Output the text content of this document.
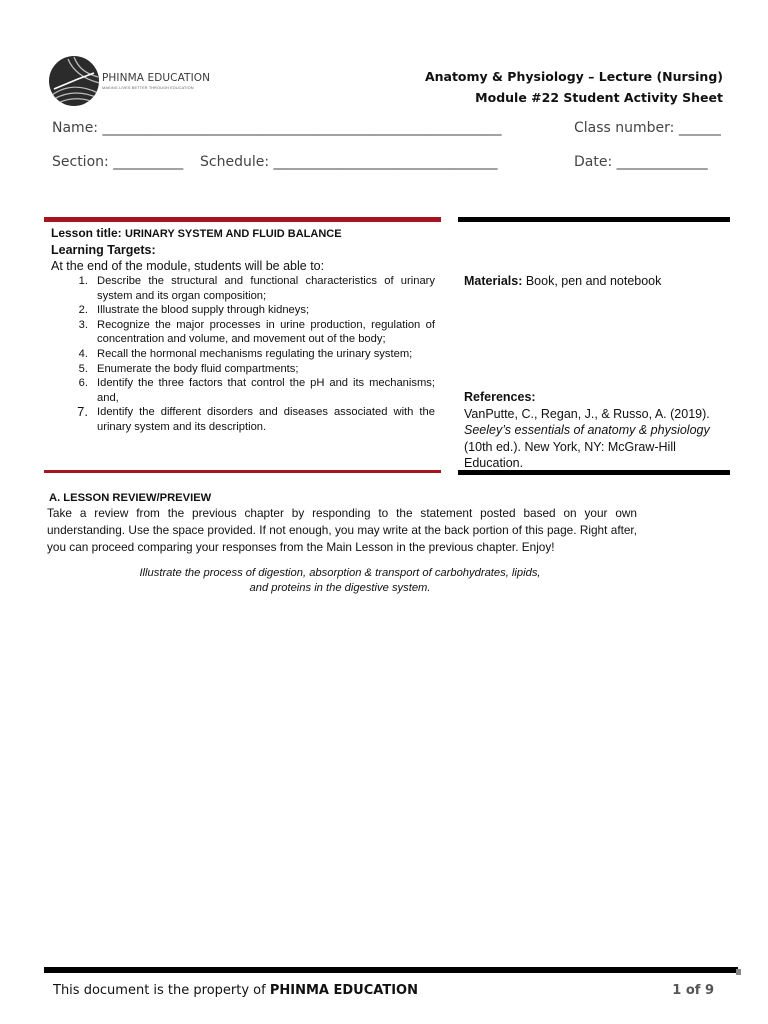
PHINMA EDUCATION
MAKING LIVES BETTER THROUGH EDUCATION
Anatomy & Physiology – Lecture (Nursing)
Module #22 Student Activity Sheet
Name: _________________________________________________________	Class number: ______
Section: __________ Schedule: ________________________________	Date: _____________
Lesson title: URINARY SYSTEM AND FLUID BALANCE
Learning Targets:
At the end of the module, students will be able to:
1. Describe the structural and functional characteristics of urinary system and its organ composition;
2. Illustrate the blood supply through kidneys;
3. Recognize the major processes in urine production, regulation of concentration and volume, and movement out of the body;
4. Recall the hormonal mechanisms regulating the urinary system;
5. Enumerate the body fluid compartments;
6. Identify the three factors that control the pH and its mechanisms; and,
7. Identify the different disorders and diseases associated with the urinary system and its description.
Materials: Book, pen and notebook
References:
VanPutte, C., Regan, J., & Russo, A. (2019). Seeley’s essentials of anatomy & physiology (10th ed.). New York, NY: McGraw-Hill Education.
A. LESSON REVIEW/PREVIEW
Take a review from the previous chapter by responding to the statement posted based on your own understanding. Use the space provided. If not enough, you may write at the back portion of this page. Right after, you can proceed comparing your responses from the Main Lesson in the previous chapter. Enjoy!
Illustrate the process of digestion, absorption & transport of carbohydrates, lipids,
and proteins in the digestive system.
This document is the property of PHINMA EDUCATION	1 of 9
